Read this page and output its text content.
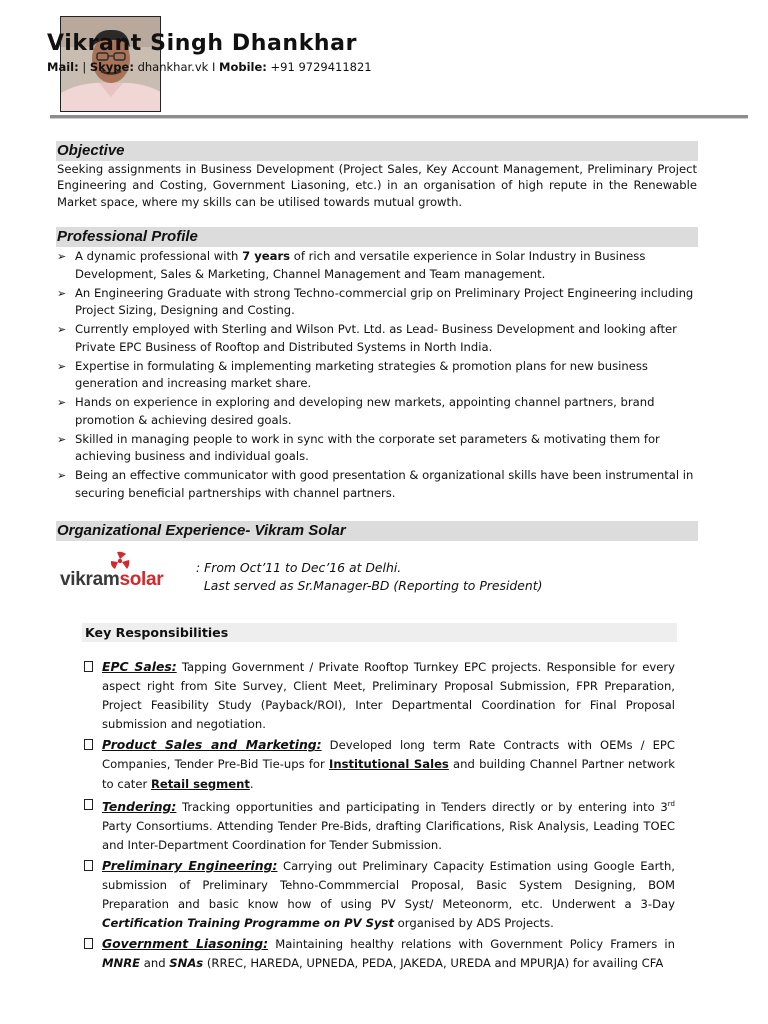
Vikrant Singh Dhankhar
Mail: | Skype: dhankhar.vk I Mobile: +91 9729411821
Objective
Seeking assignments in Business Development (Project Sales, Key Account Management, Preliminary Project Engineering and Costing, Government Liasoning, etc.) in an organisation of high repute in the Renewable Market space, where my skills can be utilised towards mutual growth.
Professional Profile
➢ A dynamic professional with 7 years of rich and versatile experience in Solar Industry in Business Development, Sales & Marketing, Channel Management and Team management.
➢ An Engineering Graduate with strong Techno-commercial grip on Preliminary Project Engineering including Project Sizing, Designing and Costing.
➢ Currently employed with Sterling and Wilson Pvt. Ltd. as Lead- Business Development and looking after Private EPC Business of Rooftop and Distributed Systems in North India.
➢ Expertise in formulating & implementing marketing strategies & promotion plans for new business generation and increasing market share.
➢ Hands on experience in exploring and developing new markets, appointing channel partners, brand promotion & achieving desired goals.
➢ Skilled in managing people to work in sync with the corporate set parameters & motivating them for achieving business and individual goals.
➢ Being an effective communicator with good presentation & organizational skills have been instrumental in securing beneficial partnerships with channel partners.
Organizational Experience- Vikram Solar
vikramsolar
: From Oct’11 to Dec’16 at Delhi.
Last served as Sr.Manager-BD (Reporting to President)
Key Responsibilities
EPC Sales: Tapping Government / Private Rooftop Turnkey EPC projects. Responsible for every aspect right from Site Survey, Client Meet, Preliminary Proposal Submission, FPR Preparation, Project Feasibility Study (Payback/ROI), Inter Departmental Coordination for Final Proposal submission and negotiation.
Product Sales and Marketing: Developed long term Rate Contracts with OEMs / EPC Companies, Tender Pre-Bid Tie-ups for Institutional Sales and building Channel Partner network to cater Retail segment.
Tendering: Tracking opportunities and participating in Tenders directly or by entering into 3rd Party Consortiums. Attending Tender Pre-Bids, drafting Clarifications, Risk Analysis, Leading TOEC and Inter-Department Coordination for Tender Submission.
Preliminary Engineering: Carrying out Preliminary Capacity Estimation using Google Earth, submission of Preliminary Tehno-Commmercial Proposal, Basic System Designing, BOM Preparation and basic know how of using PV Syst/ Meteonorm, etc. Underwent a 3-Day Certification Training Programme on PV Syst organised by ADS Projects.
Government Liasoning: Maintaining healthy relations with Government Policy Framers in MNRE and SNAs (RREC, HAREDA, UPNEDA, PEDA, JAKEDA, UREDA and MPURJA) for availing CFA
